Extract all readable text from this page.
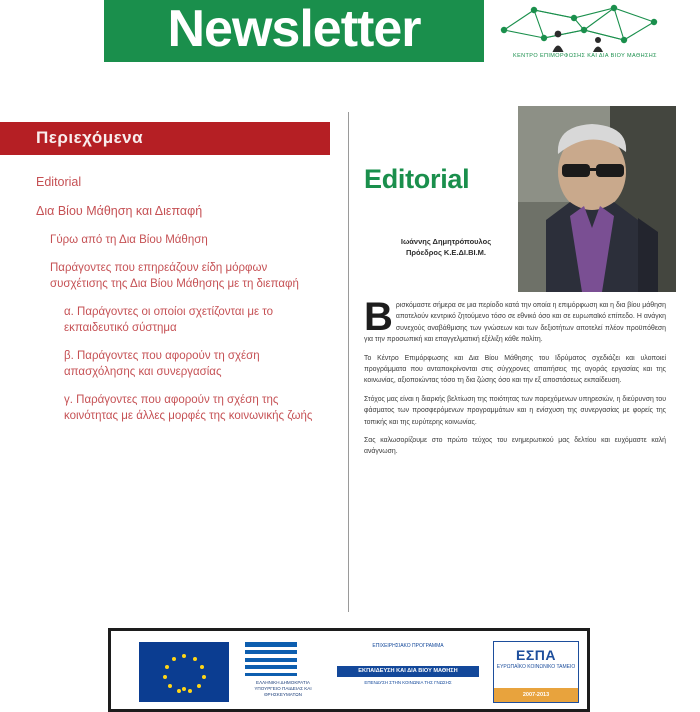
Newsletter	ΚΕΝΤΡΟ ΕΠΙΜΟΡΦΩΣΗΣ ΚΑΙ ΔΙΑ ΒΙΟΥ ΜΑΘΗΣΗΣ
Περιεχόμενα
Editorial
Δια Βίου Μάθηση και Διεπαφή
Γύρω από τη Δια Βίου Μάθηση
Παράγοντες που επηρεάζουν είδη μόρφων συσχέτισης της Δια Βίου Μάθησης με τη διεπαφή
α. Παράγοντες οι οποίοι σχετίζονται με το εκπαιδευτικό σύστημα
β. Παράγοντες που αφορούν τη σχέση απασχόλησης και συνεργασίας
γ. Παράγοντες που αφορούν τη σχέση της κοινότητας με άλλες μορφές της κοινωνικής ζωής
Editorial
Ιωάννης Δημητρόπουλος
Πρόεδρος Κ.Ε.ΔΙ.ΒΙ.Μ.
B ρισκόμαστε σήμερα σε μια περίοδο κατά την οποία η επιμόρφωση και η δια βίου μάθηση αποτελούν κεντρικό ζητούμενο τόσο σε εθνικό όσο και σε ευρωπαϊκό επίπεδο. Η ανάγκη συνεχούς αναβάθμισης των γνώσεων και των δεξιοτήτων αποτελεί πλέον προϋπόθεση για την προσωπική και επαγγελματική εξέλιξη κάθε πολίτη.

Το Κέντρο Επιμόρφωσης και Δια Βίου Μάθησης του Ιδρύματος σχεδιάζει και υλοποιεί προγράμματα που ανταποκρίνονται στις σύγχρονες απαιτήσεις της αγοράς εργασίας και της κοινωνίας, αξιοποιώντας τόσο τη δια ζώσης όσο και την εξ αποστάσεως εκπαίδευση.

Στόχος μας είναι η διαρκής βελτίωση της ποιότητας των παρεχόμενων υπηρεσιών, η διεύρυνση του φάσματος των προσφερόμενων προγραμμάτων και η ενίσχυση της συνεργασίας με φορείς της τοπικής και της ευρύτερης κοινωνίας.

Σας καλωσορίζουμε στο πρώτο τεύχος του ενημερωτικού μας δελτίου και ευχόμαστε καλή ανάγνωση.

ΕΛΛΗΝΙΚΗ ΔΗΜΟΚΡΑΤΙΑ
ΥΠΟΥΡΓΕΙΟ ΠΑΙΔΕΙΑΣ ΚΑΙ ΘΡΗΣΚΕΥΜΑΤΩΝ
ΕΠΙΧΕΙΡΗΣΙΑΚΟ ΠΡΟΓΡΑΜΜΑ
ΕΚΠΑΙΔΕΥΣΗ ΚΑΙ ΔΙΑ ΒΙΟΥ ΜΑΘΗΣΗ
ΕΠΕΝΔΥΣΗ ΣΤΗΝ ΚΟΙΝΩΝΙΑ ΤΗΣ ΓΝΩΣΗΣ
ΕΣΠΑ
ΕΥΡΩΠΑΪΚΟ ΚΟΙΝΩΝΙΚΟ ΤΑΜΕΙΟ
2007-2013
